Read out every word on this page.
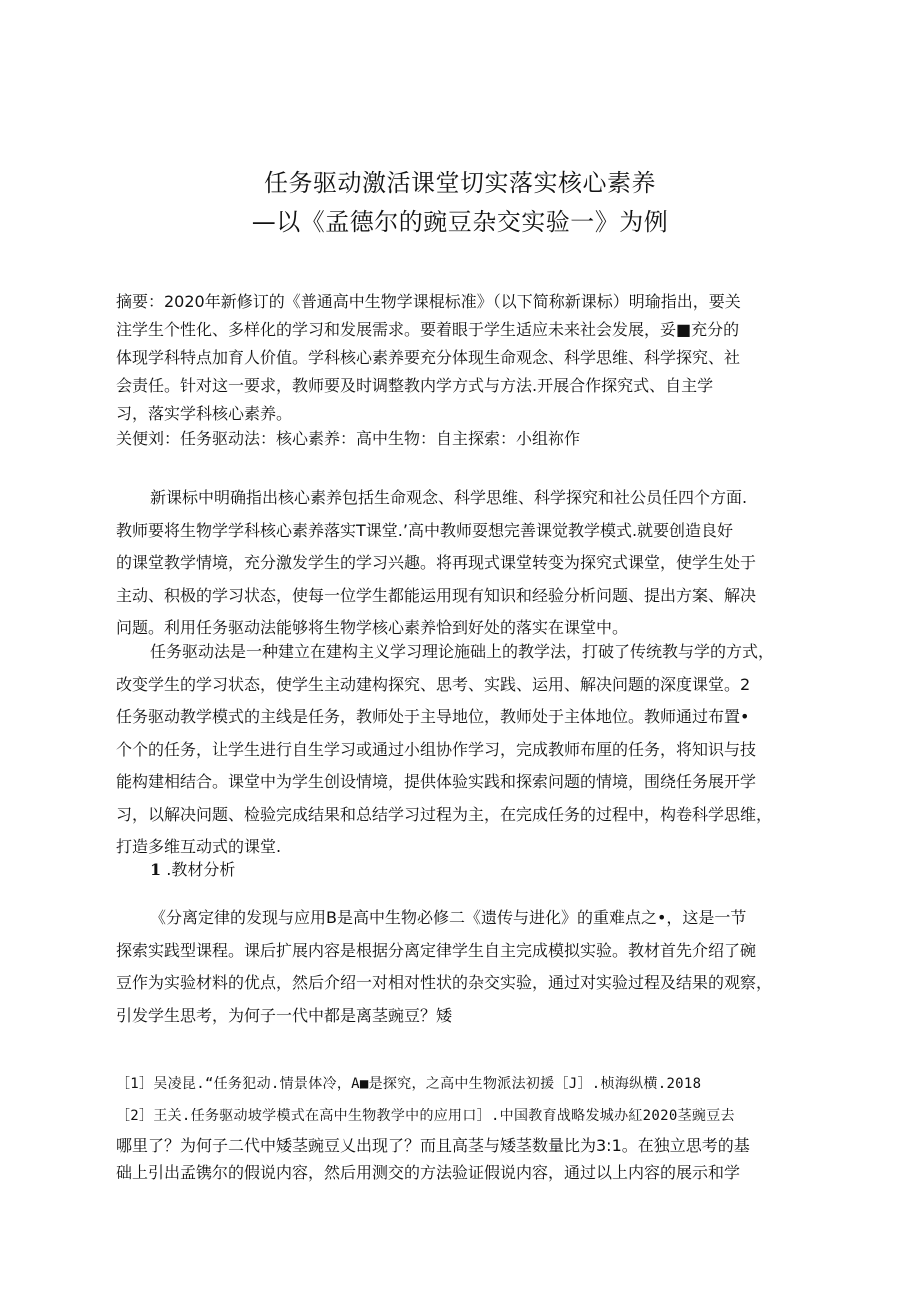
任务驱动激活课堂切实落实核心素养
—以《孟德尔的豌豆杂交实验一》为例
摘要：2020年新修订的《普通高中生物学课棍标准》（以下简称新课标）明瑜指出，要关
注学生个性化、多样化的学习和发展需求。要着眼于学生适应未来社会发展，妥■充分的
体现学科特点加育人价值。学科核心素养要充分体现生命观念、科学思维、科学探究、社
会责任。针对这一要求，教师要及时调整教内学方式与方法.开展合作探究式、自主学
习，落实学科核心素养。
关便刘：任务驱动法：核心素养：高中生物：自主探索：小组祢作
新课标中明确指出核心素养包括生命观念、科学思维、科学探究和社公员任四个方面.
教师要将生物学学科核心素养落实T课堂.’高中教师耍想完善课觉教学模式.就要创造良好
的课堂教学情境，充分激发学生的学习兴趣。将再现式课堂转变为探究式课堂，使学生处于
主动、积极的学习状态，使每一位学生都能运用现有知识和经验分析问题、提出方案、解决
问题。利用任务驱动法能够将生物学核心素养恰到好处的落实在课堂中。
任务驱动法是一种建立在建构主义学习理论施础上的教学法，打破了传统教与学的方式，
改变学生的学习状态，使学生主动建构探究、思考、实践、运用、解决问题的深度课堂。2
任务驱动教学模式的主线是任务，教师处于主导地位，教师处于主体地位。教师通过布置•
个个的任务，让学生进行自生学习或通过小组协作学习，完成教师布厘的任务，将知识与技
能构建相结合。课堂中为学生创设情境，提供体验实践和探索问题的情境，围绕任务展开学
习，以解决问题、检验完成结果和总结学习过程为主，在完成任务的过程中，构卷科学思维，
打造多维互动式的课堂.
1 .教材分析
《分离定律的发现与应用B是高中生物必修二《遗传与进化》的重难点之•，这是一节
探索实践型课程。课后扩展内容是根据分离定律学生自主完成模拟实验。教材首先介绍了碗
豆作为实验材料的优点，然后介绍一对相对性状的杂交实验，通过对实验过程及结果的观察，
引发学生思考，为何子一代中都是离茎豌豆？矮
［1］吴凌昆.“任务犯动.情景体冷，A■是探究，之高中生物派法初援［J］.桢海纵横.2018
［2］王关.任务驱动坡学模式在高中生物教学中的应用口］.中国教育战略发城办紅2020茎豌豆去
哪里了？为何子二代中矮茎豌豆乂出现了？而且高茎与矮茎数量比为3:1。在独立思考的基
础上引出孟镌尔的假说内容，然后用测交的方法验证假说内容，通过以上内容的展示和学
